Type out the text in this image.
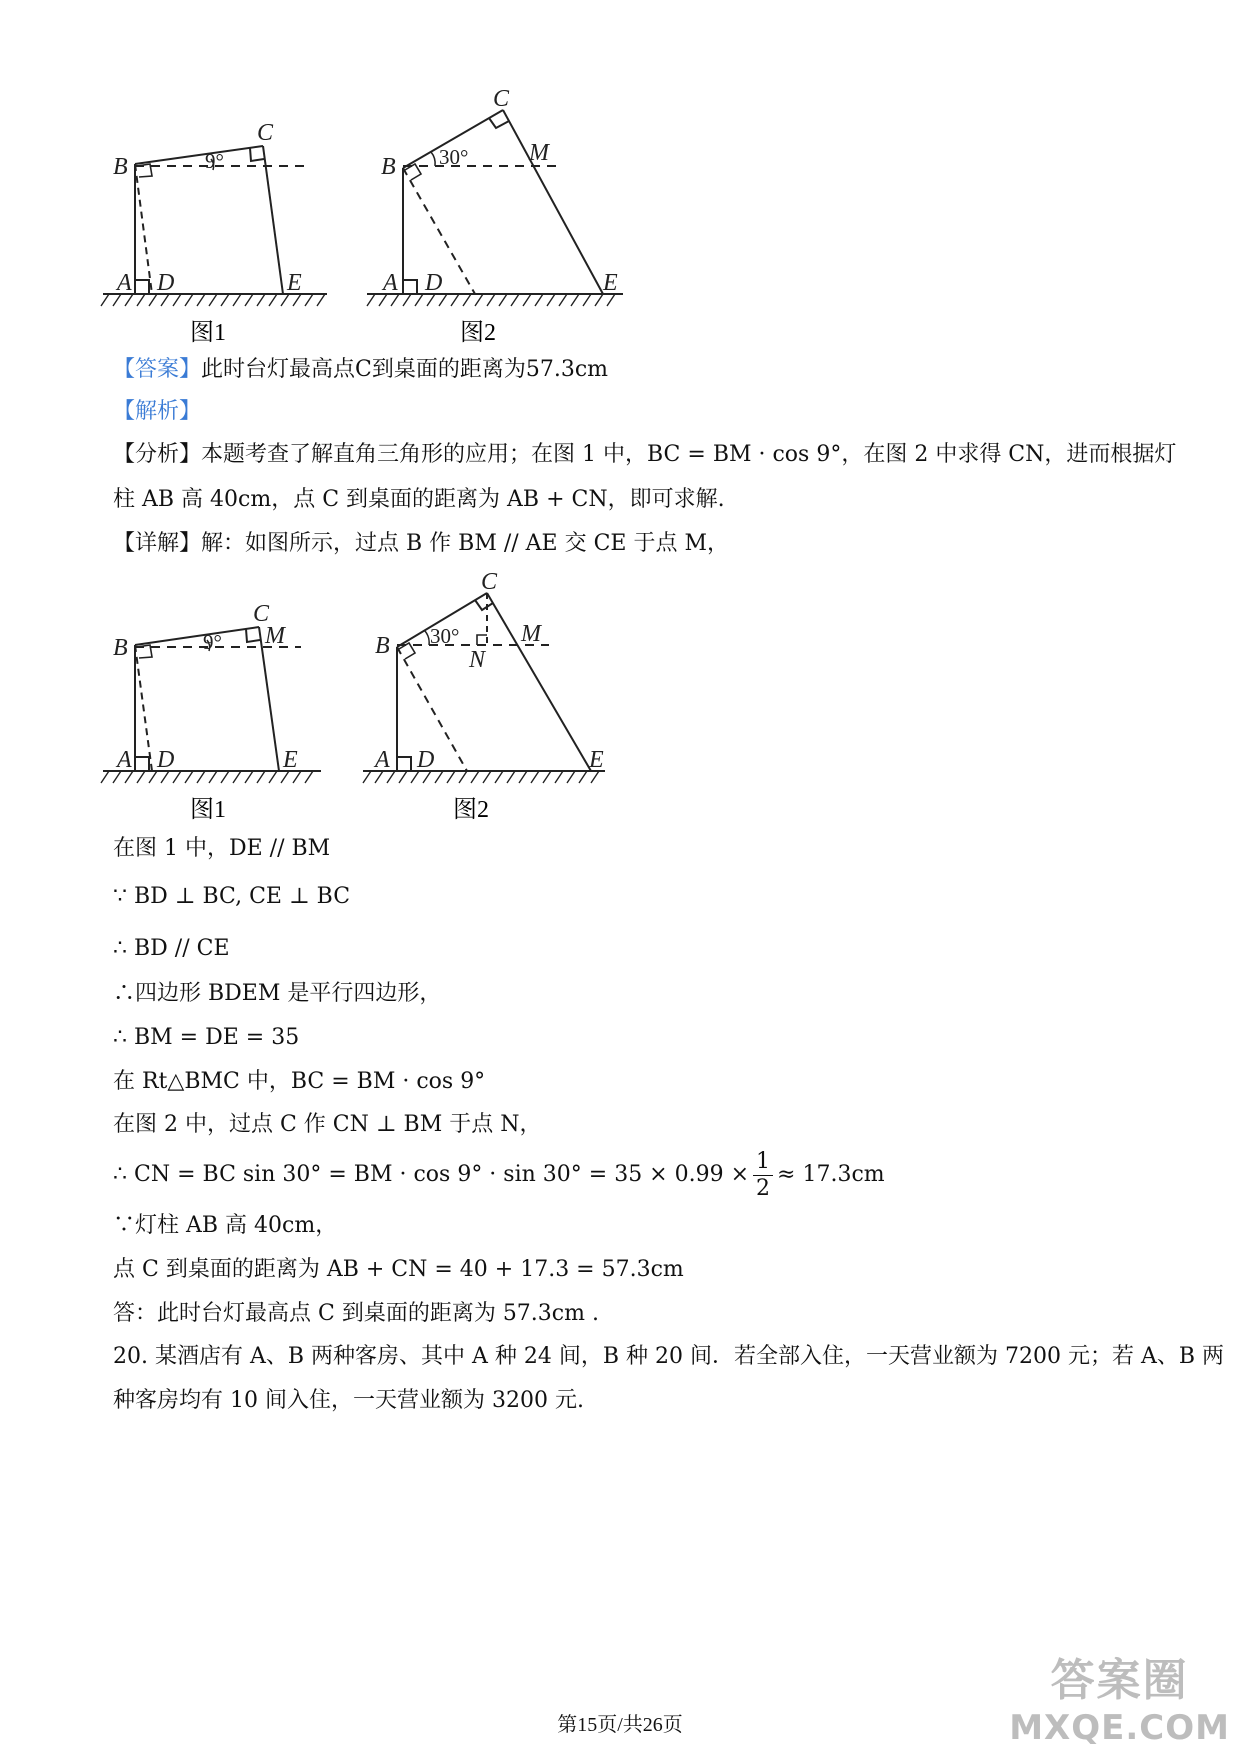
B
C
A D	E
9°
图1
B
C
M
A D	E
30°
图2
【答案】此时台灯最高点C到桌面的距离为57.3cm
【解析】
【分析】本题考查了解直角三角形的应用；在图 1 中，BC = BM · cos 9°，在图 2 中求得 CN，进而根据灯
柱 AB 高 40cm，点 C 到桌面的距离为 AB + CN，即可求解.
【详解】解：如图所示，过点 B 作 BM // AE 交 CE 于点 M，
B
C
M
A D	E
9°
图1
B
C
M
N
A D	E
30°
图2
在图 1 中，DE // BM
∵ BD ⊥ BC, CE ⊥ BC
∴ BD // CE
∴四边形 BDEM 是平行四边形，
∴ BM = DE = 35
在 Rt△BMC 中，BC = BM · cos 9°
在图 2 中，过点 C 作 CN ⊥ BM 于点 N，
∴ CN = BC sin 30° = BM · $\cos 9^\circ \cdot \sin 30^\circ = 35 \times 0.99 \times \frac{1}{2} \approx 17.3cm$
∵灯柱 AB 高 40cm，
点 C 到桌面的距离为 AB + CN = 40 + 17.3 = 57.3cm
答：此时台灯最高点 C 到桌面的距离为 57.3cm .
20. 某酒店有 A、B 两种客房、其中 A 种 24 间，B 种 20 间．若全部入住，一天营业额为 7200 元；若 A、B 两
种客房均有 10 间入住，一天营业额为 3200 元.
第15页/共26页
答案圈
MXQE.COM
